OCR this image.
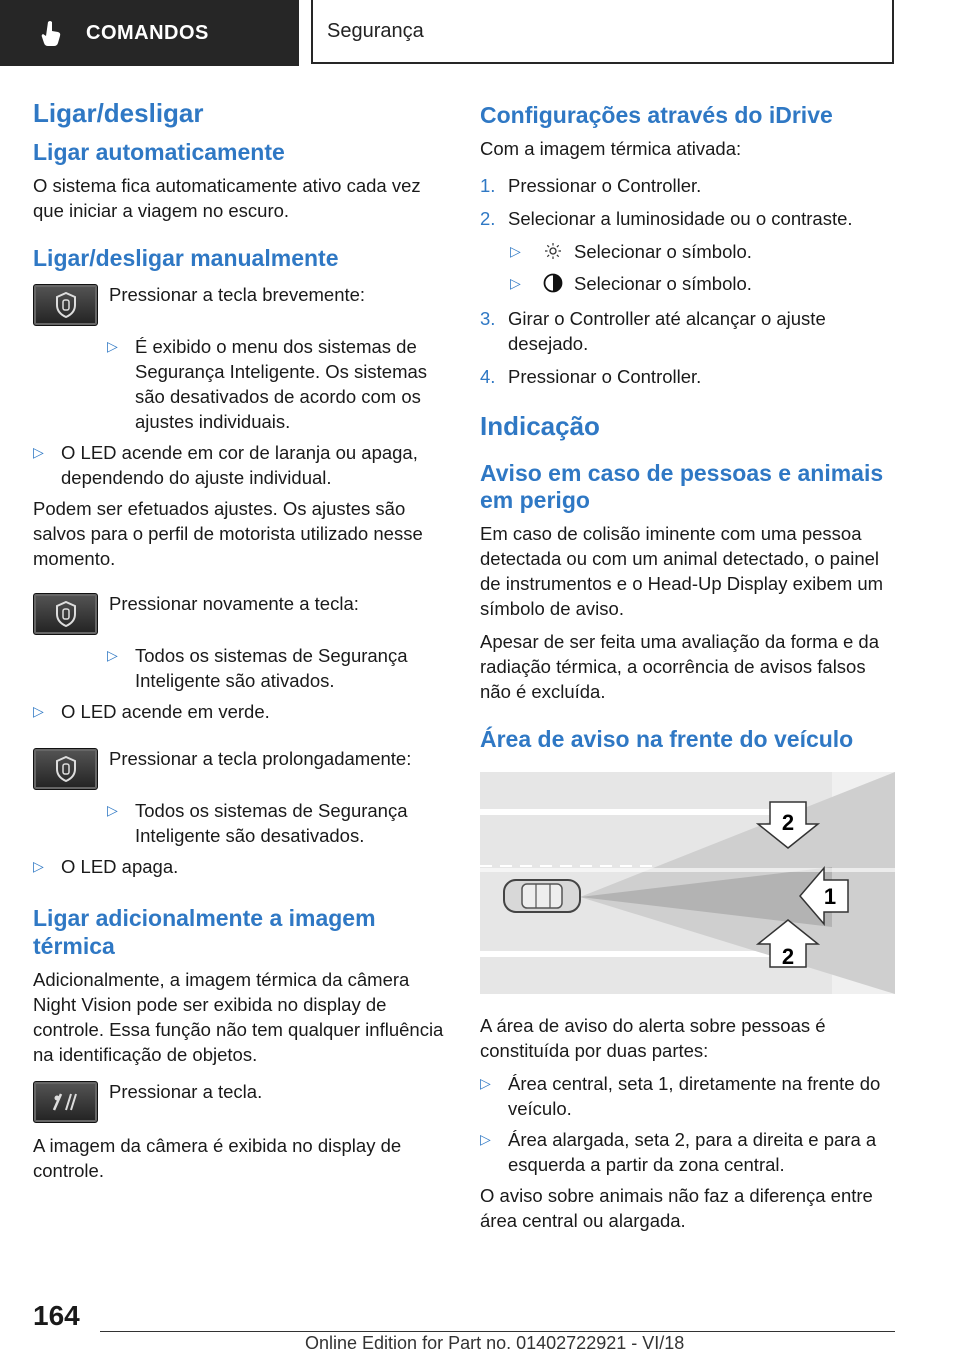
COMANDOS	Segurança
Ligar/desligar
Ligar automaticamente

O sistema fica automaticamente ativo cada vez que iniciar a viagem no escuro.

Ligar/desligar manualmente
Pressionar a tecla brevemente:
▷ É exibido o menu dos sistemas de Segurança Inteligente. Os sistemas são desativados de acordo com os ajustes individuais.
▷ O LED acende em cor de laranja ou apaga, dependendo do ajuste individual.

Podem ser efetuados ajustes. Os ajustes são salvos para o perfil de motorista utilizado nesse momento.

Pressionar novamente a tecla:
▷ Todos os sistemas de Segurança Inteligente são ativados.
▷ O LED acende em verde.
Pressionar a tecla prolongadamente:
▷ Todos os sistemas de Segurança Inteligente são desativados.
▷ O LED apaga.
Ligar adicionalmente a imagem térmica

Adicionalmente, a imagem térmica da câmera Night Vision pode ser exibida no display de controle. Essa função não tem qualquer influência na identificação de objetos.

Pressionar a tecla.

A imagem da câmera é exibida no display de controle.

Configurações através do iDrive

Com a imagem térmica ativada:

1. Pressionar o Controller.
2. Selecionar a luminosidade ou o contraste.
▷	Selecionar o símbolo.
▷	Selecionar o símbolo.
3. Girar o Controller até alcançar o ajuste desejado.
4. Pressionar o Controller.
Indicação
Aviso em caso de pessoas e animais em perigo

Em caso de colisão iminente com uma pessoa detectada ou com um animal detectado, o painel de instrumentos e o Head-Up Display exibem um símbolo de aviso.

Apesar de ser feita uma avaliação da forma e da radiação térmica, a ocorrência de avisos falsos não é excluída.

Área de aviso na frente do veículo
2
1
2

A área de aviso do alerta sobre pessoas é constituída por duas partes:

▷ Área central, seta 1, diretamente na frente do veículo.
▷ Área alargada, seta 2, para a direita e para a esquerda a partir da zona central.

O aviso sobre animais não faz a diferença entre área central ou alargada.

164
Online Edition for Part no. 01402722921 - VI/18
